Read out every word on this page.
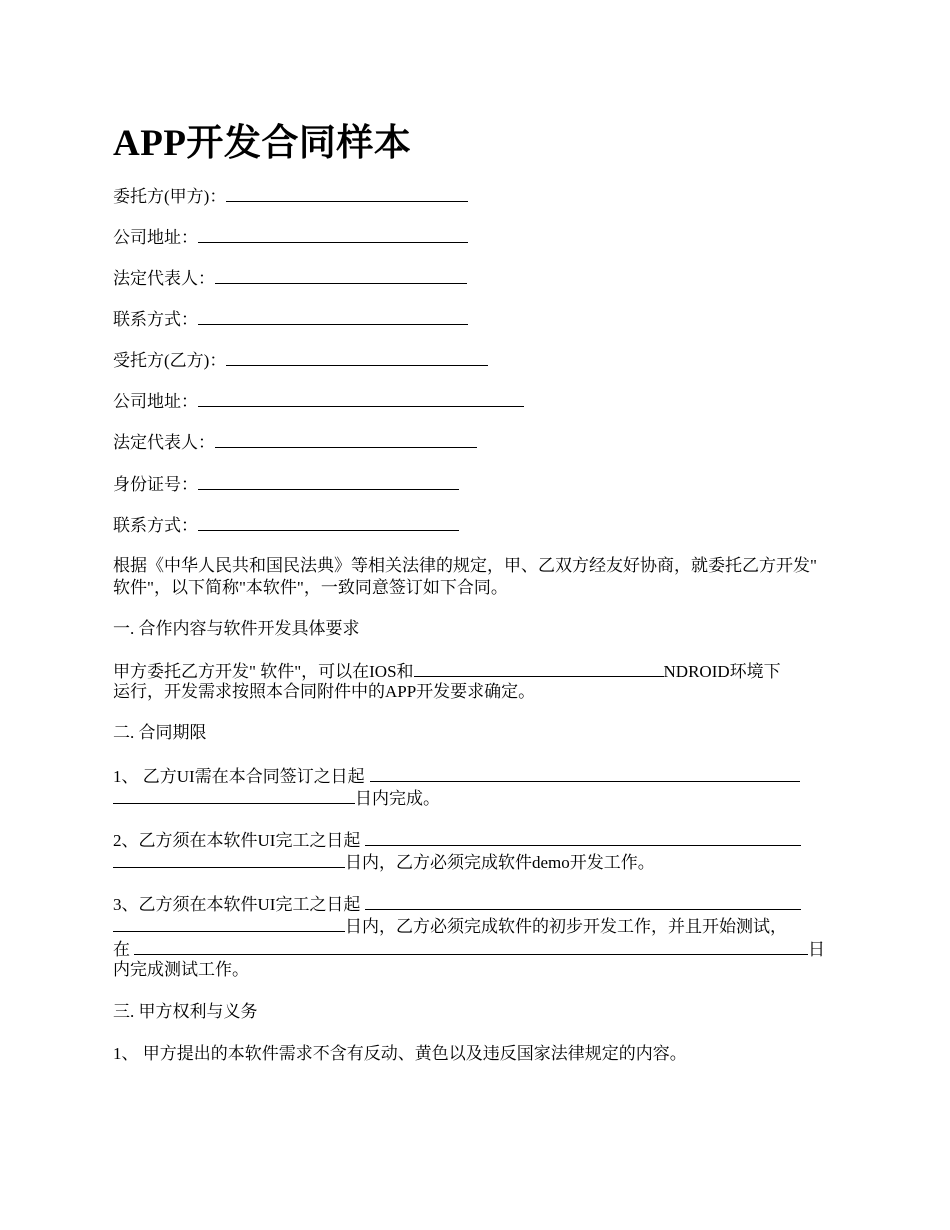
APP开发合同样本
委托方(甲方)：
公司地址：
法定代表人：
联系方式：
受托方(乙方)：
公司地址：
法定代表人：
身份证号：
联系方式：
根据《中华人民共和国民法典》等相关法律的规定，甲、乙双方经友好协商，就委托乙方开发" 软件"，以下简称"本软件"，一致同意签订如下合同。
一. 合作内容与软件开发具体要求
甲方委托乙方开发" 软件"，可以在IOS和	NDROID环境下
运行，开发需求按照本合同附件中的APP开发要求确定。
二. 合同期限
1、 乙方UI需在本合同签订之日起
日内完成。
2、乙方须在本软件UI完工之日起
日内，乙方必须完成软件demo开发工作。
3、乙方须在本软件UI完工之日起
日内，乙方必须完成软件的初步开发工作，并且开始测试，
在	日
内完成测试工作。
三. 甲方权利与义务
1、 甲方提出的本软件需求不含有反动、黄色以及违反国家法律规定的内容。
